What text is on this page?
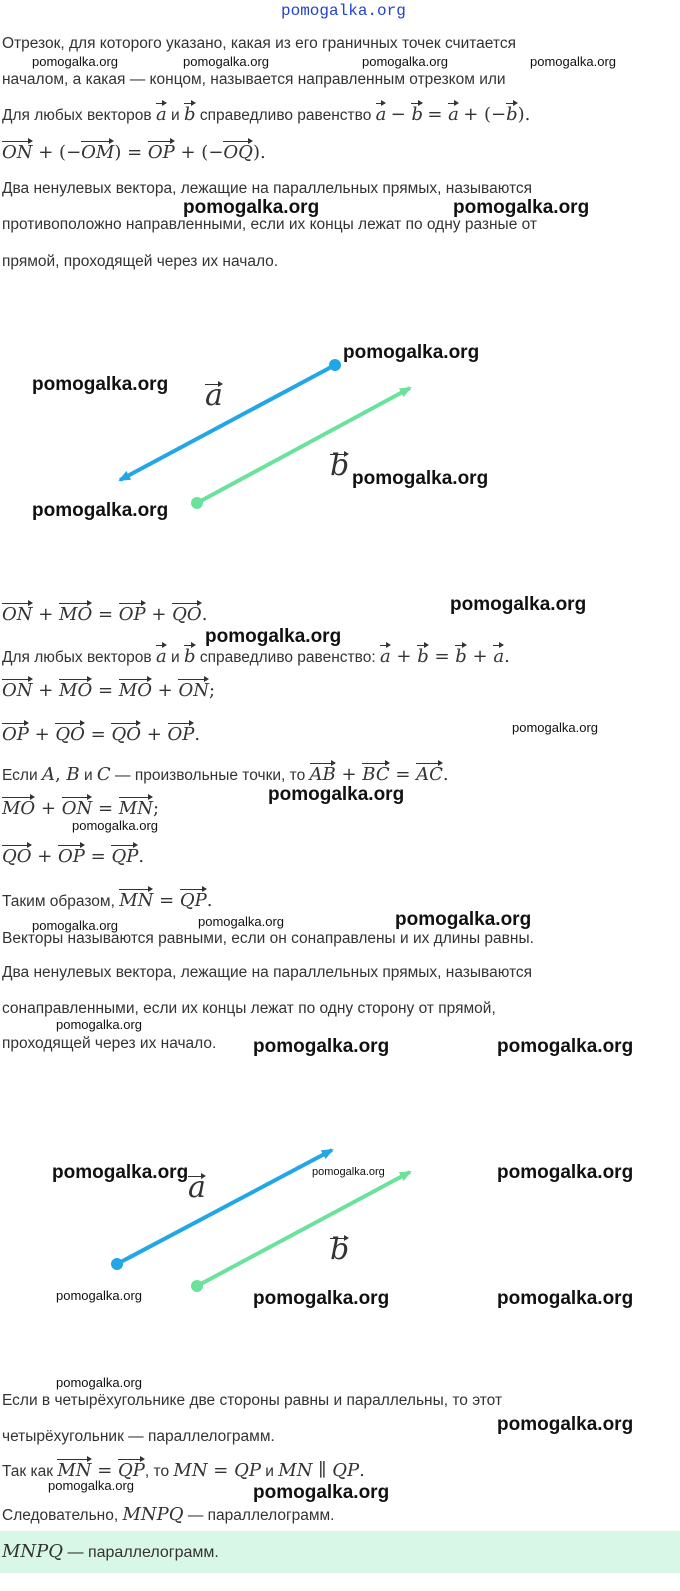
pomogalka.org
Отрезок, для которого указано, какая из его граничных точек считается
pomogalka.org	pomogalka.org	pomogalka.org	pomogalka.org
началом, а какая — концом, называется направленным отрезком или
Для любых векторов a и b справедливо равенство a − b = a + (−b).
ON + (−OM) = OP + (−OQ).
Два ненулевых вектора, лежащие на параллельных прямых, называются
pomogalka.org	pomogalka.org
противоположно направленными, если их концы лежат по одну разные от
прямой, проходящей через их начало.
a
b
pomogalka.org
pomogalka.org
pomogalka.org
pomogalka.org
ON + MO = OP + QO.	pomogalka.org
pomogalka.org
Для любых векторов a и b справедливо равенство: a + b = b + a.
ON + MO = MO + ON;
OP + QO = QO + OP.	pomogalka.org
Если A, B и C — произвольные точки, то AB + BC = AC.
pomogalka.org
MO + ON = MN;
pomogalka.org
QO + OP = QP.
Таким образом, MN = QP.
pomogalka.org	pomogalka.org	pomogalka.org
Векторы называются равными, если он сонаправлены и их длины равны.
Два ненулевых вектора, лежащие на параллельных прямых, называются
сонаправленными, если их концы лежат по одну сторону от прямой,
pomogalka.org
проходящей через их начало. pomogalka.org	pomogalka.org
a
b
pomogalka.org	pomogalka.org	pomogalka.org
pomogalka.org	pomogalka.org	pomogalka.org
pomogalka.org
Если в четырёхугольнике две стороны равны и параллельны, то этот
pomogalka.org
четырёхугольник — параллелограмм.
Так как MN = QP, то MN = QP и MN ∥ QP.
pomogalka.org	pomogalka.org
Следовательно, MNPQ — параллелограмм.
MNPQ — параллелограмм.
